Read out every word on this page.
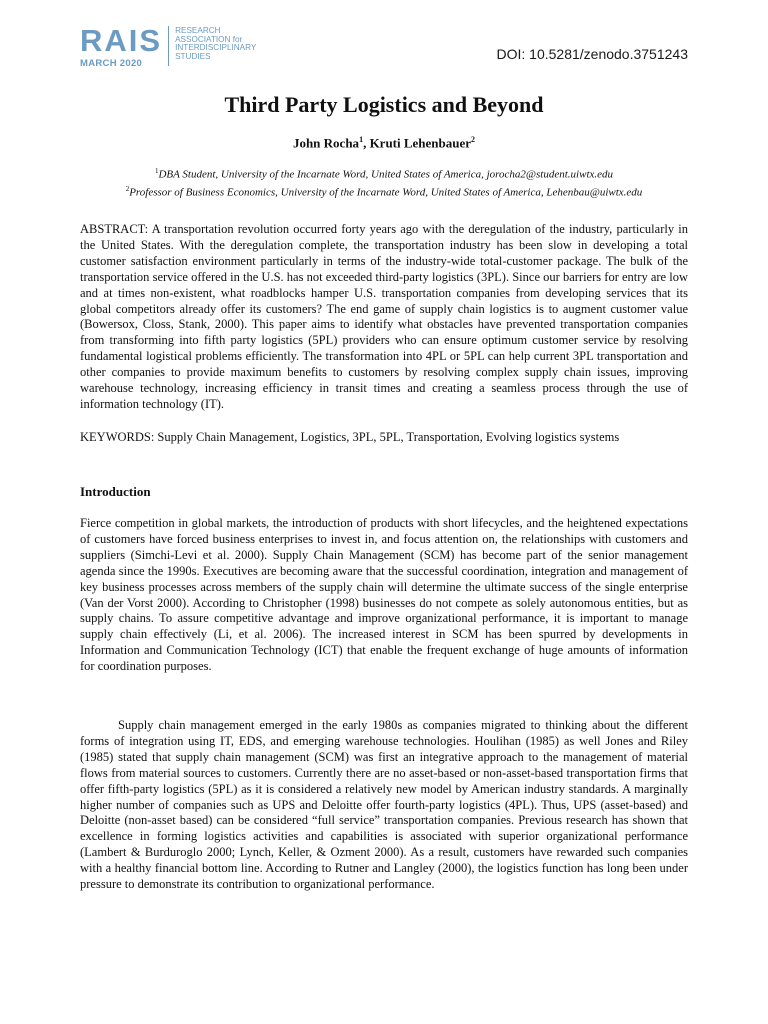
RAIS
MARCH 2020
RESEARCH
ASSOCIATION for
INTERDISCIPLINARY
STUDIES	DOI: 10.5281/zenodo.3751243
Third Party Logistics and Beyond
John Rocha$^1$, Kruti Lehenbauer$^2$
$^1$DBA Student, University of the Incarnate Word, United States of America, jorocha2@student.uiwtx.edu
$^2$Professor of Business Economics, University of the Incarnate Word, United States of America, Lehenbau@uiwtx.edu

ABSTRACT: A transportation revolution occurred forty years ago with the deregulation of the industry, particularly in the United States. With the deregulation complete, the transportation industry has been slow in developing a total customer satisfaction environment particularly in terms of the industry-wide total-customer package. The bulk of the transportation service offered in the U.S. has not exceeded third-party logistics (3PL). Since our barriers for entry are low and at times non-existent, what roadblocks hamper U.S. transportation companies from developing services that its global competitors already offer its customers? The end game of supply chain logistics is to augment customer value (Bowersox, Closs, Stank, 2000). This paper aims to identify what obstacles have prevented transportation companies from transforming into fifth party logistics (5PL) providers who can ensure optimum customer service by resolving fundamental logistical problems efficiently. The transformation into 4PL or 5PL can help current 3PL transportation and other companies to provide maximum benefits to customers by resolving complex supply chain issues, improving warehouse technology, increasing efficiency in transit times and creating a seamless process through the use of information technology (IT).

KEYWORDS: Supply Chain Management, Logistics, 3PL, 5PL, Transportation, Evolving logistics systems

Introduction

Fierce competition in global markets, the introduction of products with short lifecycles, and the heightened expectations of customers have forced business enterprises to invest in, and focus attention on, the relationships with customers and suppliers (Simchi-Levi et al. 2000). Supply Chain Management (SCM) has become part of the senior management agenda since the 1990s. Executives are becoming aware that the successful coordination, integration and management of key business processes across members of the supply chain will determine the ultimate success of the single enterprise (Van der Vorst 2000). According to Christopher (1998) businesses do not compete as solely autonomous entities, but as supply chains. To assure competitive advantage and improve organizational performance, it is important to manage supply chain effectively (Li, et al. 2006). The increased interest in SCM has been spurred by developments in Information and Communication Technology (ICT) that enable the frequent exchange of huge amounts of information for coordination purposes.

Supply chain management emerged in the early 1980s as companies migrated to thinking about the different forms of integration using IT, EDS, and emerging warehouse technologies. Houlihan (1985) as well Jones and Riley (1985) stated that supply chain management (SCM) was first an integrative approach to the management of material flows from material sources to customers. Currently there are no asset-based or non-asset-based transportation firms that offer fifth-party logistics (5PL) as it is considered a relatively new model by American industry standards. A marginally higher number of companies such as UPS and Deloitte offer fourth-party logistics (4PL). Thus, UPS (asset-based) and Deloitte (non-asset based) can be considered “full service” transportation companies. Previous research has shown that excellence in forming logistics activities and capabilities is associated with superior organizational performance (Lambert & Burduroglo 2000; Lynch, Keller, & Ozment 2000). As a result, customers have rewarded such companies with a healthy financial bottom line. According to Rutner and Langley (2000), the logistics function has long been under pressure to demonstrate its contribution to organizational performance.
